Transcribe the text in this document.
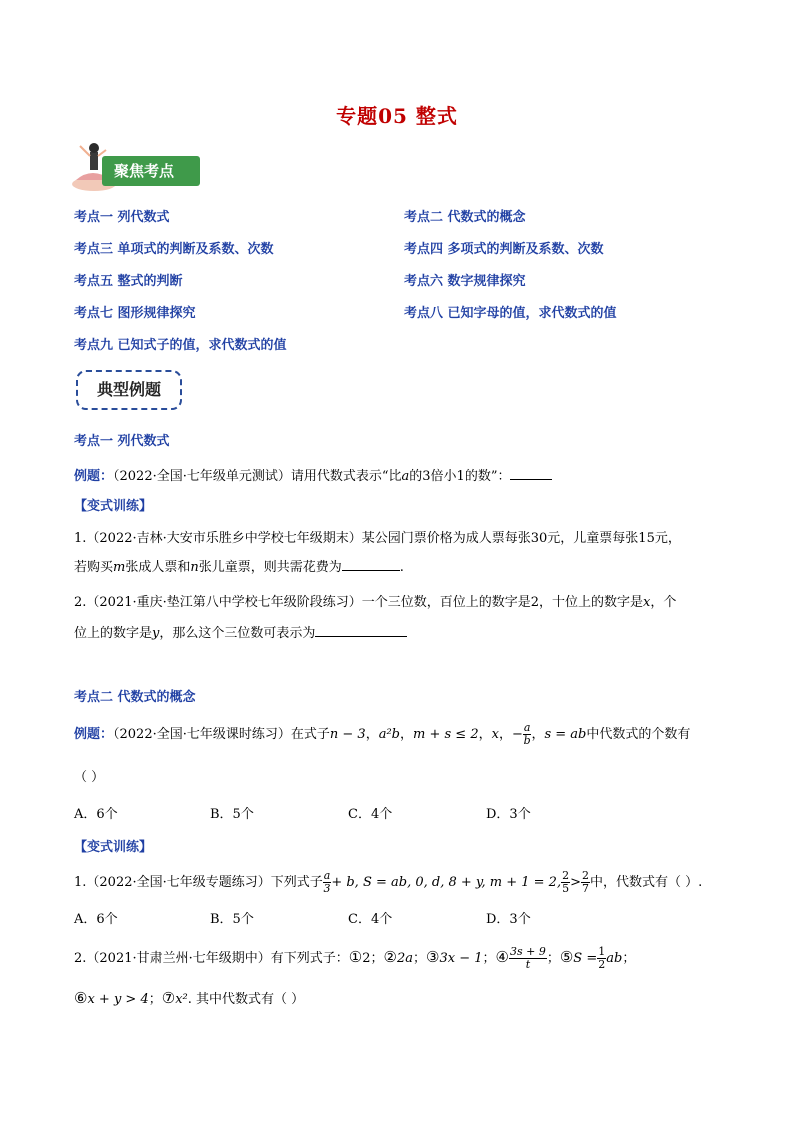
专题05 整式
聚焦考点
考点一 列代数式	考点二 代数式的概念
考点三 单项式的判断及系数、次数	考点四 多项式的判断及系数、次数
考点五 整式的判断	考点六 数字规律探究
考点七 图形规律探究	考点八 已知字母的值，求代数式的值
考点九 已知式子的值，求代数式的值
典型例题
考点一 列代数式
例题：（2022·全国·七年级单元测试）请用代数式表示“比a的3倍小1的数”：
【变式训练】
1.（2022·吉林·大安市乐胜乡中学校七年级期末）某公园门票价格为成人票每张30元，儿童票每张15元，
若购买m张成人票和n张儿童票，则共需花费为	.
2.（2021·重庆·垫江第八中学校七年级阶段练习）一个三位数，百位上的数字是2，十位上的数字是x，个
位上的数字是y，那么这个三位数可表示为
考点二 代数式的概念
例题：（2022·全国·七年级课时练习）在式子n − 3，a²b，m + s ≤ 2，x，− $\frac{a}{b}$ ，s = ab中代数式的个数有
（ ）
A．6个	B．5个	C．4个	D．3个
【变式训练】
1.（2022·全国·七年级专题练习）下列式子 $\frac{a}{3} + b$, S = ab, 0, d, 8 + y, m + 1 = 2, $\frac{2}{5} > \frac{2}{7}$ 中，代数式有（ ）.
A．6个	B．5个	C．4个	D．3个
2.（2021·甘肃兰州·七年级期中）有下列式子：①2；②2a；③3x − 1；④ $\frac{3s + 9}{t}$ ；⑤S = $\frac{1}{2}$ ab；
⑥x + y > 4；⑦x². 其中代数式有（ ）
